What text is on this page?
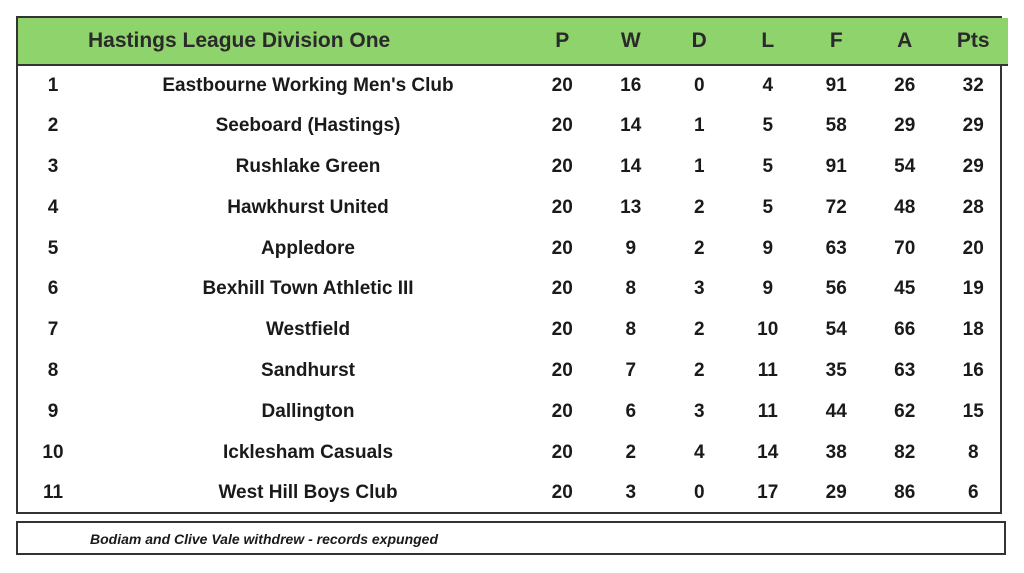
	Hastings League Division One	P	W	D	L	F	A	Pts
1	Eastbourne Working Men's Club	20	16	0	4	91	26	32
2	Seeboard (Hastings)	20	14	1	5	58	29	29
3	Rushlake Green	20	14	1	5	91	54	29
4	Hawkhurst United	20	13	2	5	72	48	28
5	Appledore	20	9	2	9	63	70	20
6	Bexhill Town Athletic III	20	8	3	9	56	45	19
7	Westfield	20	8	2	10	54	66	18
8	Sandhurst	20	7	2	11	35	63	16
9	Dallington	20	6	3	11	44	62	15
10	Icklesham Casuals	20	2	4	14	38	82	8
11	West Hill Boys Club	20	3	0	17	29	86	6
Bodiam and Clive Vale withdrew - records expunged
